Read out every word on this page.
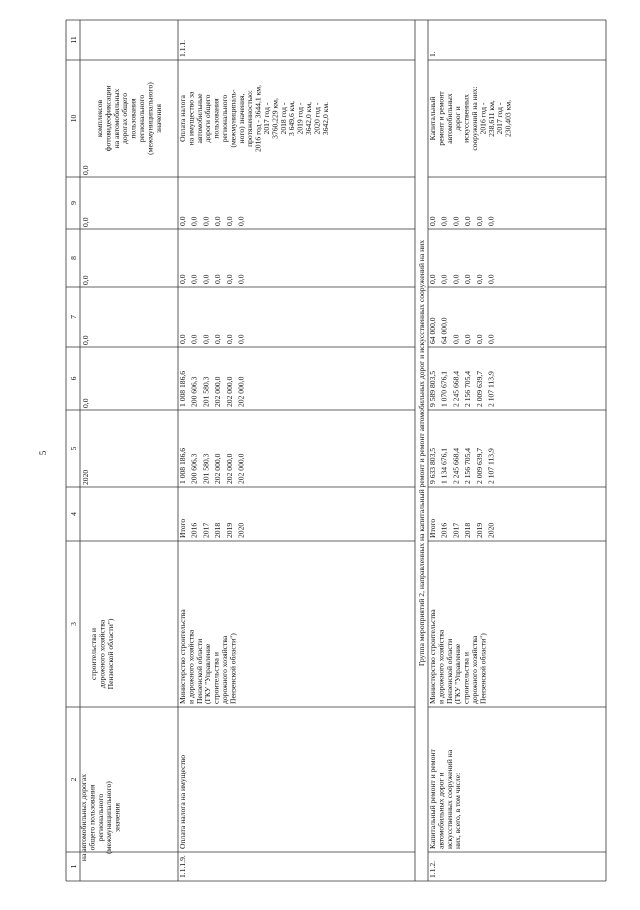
5
1
2
3
4
5
6
7
8
9
10
11
на автомобильных дорогах общего пользования регионального (межмуниципального) значения
строительства и дорожного хозяйства Пензенской области")
2020
0,0
0,0
0,0
0,0
0,0
комплексов фотовидеофиксации на автомобильных дорогах общего пользования регионального (межмуниципального) значения
1.1.1.9.
Оплата налога на имущество
Министерство строительства и дорожного хозяйства Пензенской области (ГКУ "Управление строительства и дорожного хозяйства Пензенской области")
Итого 2016 2017 2018 2019 2020
1 008 186,6 200 606,3 201 580,3 202 000,0 202 000,0 202 000,0
1 008 186,6 200 606,3 201 580,3 202 000,0 202 000,0 202 000,0
0,0 0,0 0,0 0,0 0,0 0,0
0,0 0,0 0,0 0,0 0,0 0,0
0,0 0,0 0,0 0,0 0,0 0,0
Оплата налога на имущество за автомобильные дороги общего пользования регионального (межмуниципаль- ного) значения, протяженностью: 2016 год - 3644,1 км, 2017 год - 3760,229 км, 2018 год - 3 649,6 км, 2019 год - 3642,0 км, 2020 год - 3642,0 км.
1.1.1.
Группа мероприятий 2, направленных на капитальный ремонт и ремонт автомобильных дорог и искусственных сооружений на них
1.1.2.
Капитальный ремонт и ремонт автомобильных дорог и искусственных сооружений на них, всего, в том числе:
Министерство строительства и дорожного хозяйства Пензенской области (ГКУ "Управление строительства и дорожного хозяйства Пензенской области")
Итого 2016 2017 2018 2019 2020
9 633 803,5 1 134 676,1 2 245 668,4 2 156 705,4 2 009 639,7 2 107 113,9
9 589 803,5 1 070 676,1 2 245 668,4 2 156 705,4 2 009 639,7 2 107 113,9
64 000,0 64 000,0 0,0 0,0 0,0 0,0
0,0 0,0 0,0 0,0 0,0 0,0
0,0 0,0 0,0 0,0 0,0 0,0
Капитальный ремонт и ремонт автомобильных дорог и искусственных сооружений на них: 2016 год - 238,611 км, 2017 год - 230,403 км,
1.
